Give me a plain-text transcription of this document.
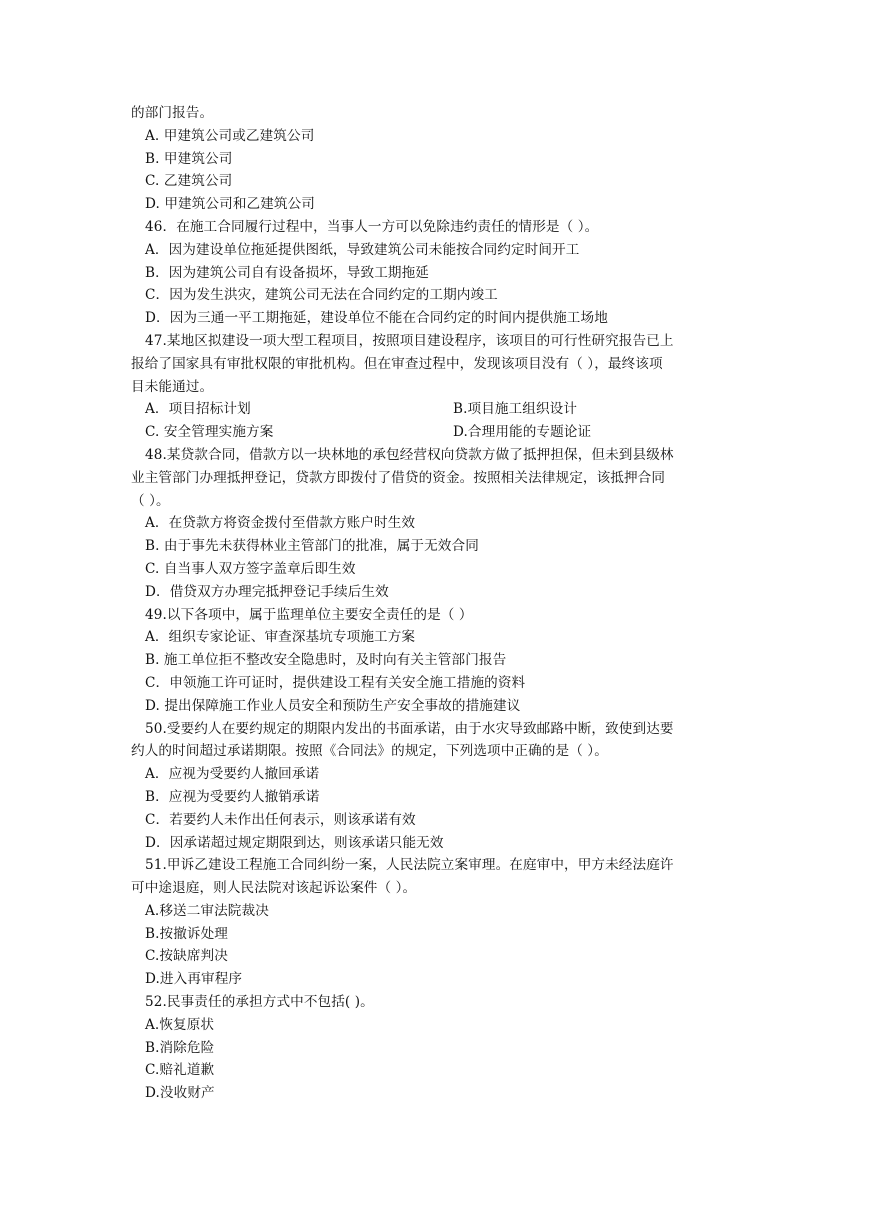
的部门报告。
A. 甲建筑公司或乙建筑公司
B. 甲建筑公司
C. 乙建筑公司
D. 甲建筑公司和乙建筑公司
46．在施工合同履行过程中，当事人一方可以免除违约责任的情形是（ ）。
A．因为建设单位拖延提供图纸，导致建筑公司未能按合同约定时间开工
B．因为建筑公司自有设备损坏，导致工期拖延
C．因为发生洪灾，建筑公司无法在合同约定的工期内竣工
D．因为三通一平工期拖延，建设单位不能在合同约定的时间内提供施工场地
47.某地区拟建设一项大型工程项目，按照项目建设程序，该项目的可行性研究报告已上
报给了国家具有审批权限的审批机构。但在审查过程中，发现该项目没有（ ），最终该项
目未能通过。
A．项目招标计划	B.项目施工组织设计
C. 安全管理实施方案	D.合理用能的专题论证
48.某贷款合同，借款方以一块林地的承包经营权向贷款方做了抵押担保，但未到县级林
业主管部门办理抵押登记，贷款方即拨付了借贷的资金。按照相关法律规定，该抵押合同
（ ）。
A．在贷款方将资金拨付至借款方账户时生效
B. 由于事先未获得林业主管部门的批准，属于无效合同
C. 自当事人双方签字盖章后即生效
D．借贷双方办理完抵押登记手续后生效
49.以下各项中，属于监理单位主要安全责任的是（ ）
A．组织专家论证、审查深基坑专项施工方案
B. 施工单位拒不整改安全隐患时，及时向有关主管部门报告
C．申领施工许可证时，提供建设工程有关安全施工措施的资料
D. 提出保障施工作业人员安全和预防生产安全事故的措施建议
50.受要约人在要约规定的期限内发出的书面承诺，由于水灾导致邮路中断，致使到达要
约人的时间超过承诺期限。按照《合同法》的规定，下列选项中正确的是（ ）。
A．应视为受要约人撤回承诺
B．应视为受要约人撤销承诺
C．若要约人未作出任何表示，则该承诺有效
D．因承诺超过规定期限到达，则该承诺只能无效
51.甲诉乙建设工程施工合同纠纷一案，人民法院立案审理。在庭审中，甲方未经法庭许
可中途退庭，则人民法院对该起诉讼案件（ ）。
A.移送二审法院裁决
B.按撤诉处理
C.按缺席判决
D.进入再审程序
52.民事责任的承担方式中不包括( )。
A.恢复原状
B.消除危险
C.赔礼道歉
D.没收财产
